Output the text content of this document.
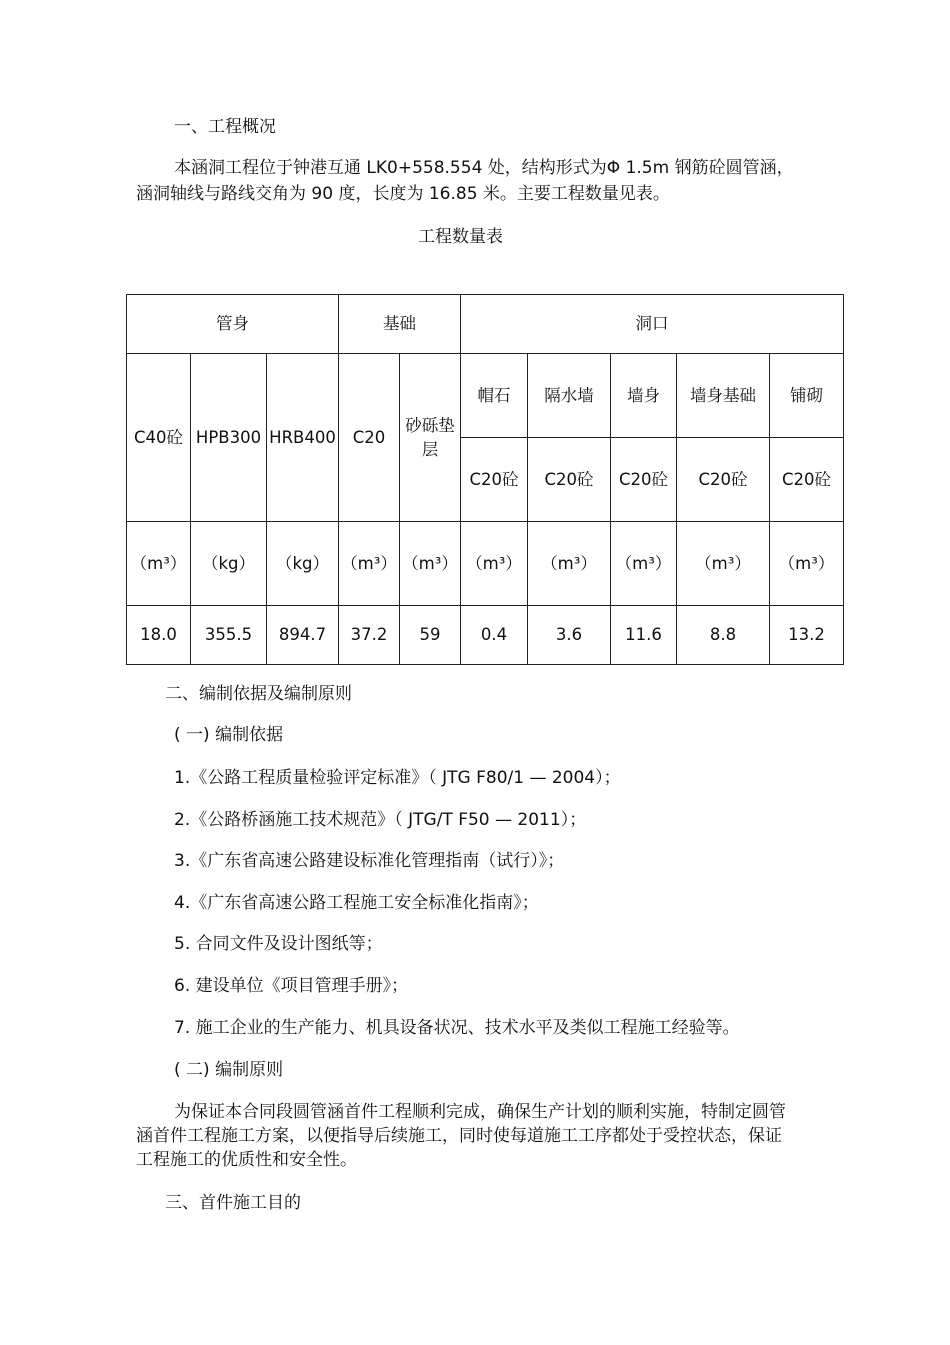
一、工程概况
本涵洞工程位于钟港互通 LK0+558.554 处，结构形式为Φ 1.5m 钢筋砼圆管涵，
涵洞轴线与路线交角为 90 度，长度为 16.85 米。主要工程数量见表。
工程数量表
管身			基础		洞口				
C40砼	HPB300	HRB400	C20	砂砾垫层	帽石	隔水墙	墙身	墙身基础	铺砌
					C20砼	C20砼	C20砼	C20砼	C20砼
（m³）	（kg）	（kg）	（m³）	（m³）	（m³）	（m³）	（m³）	（m³）	（m³）
18.0	355.5	894.7	37.2	59	0.4	3.6	11.6	8.8	13.2
二、编制依据及编制原则
( 一) 编制依据
1.《公路工程质量检验评定标准》（ JTG F80/1 — 2004）；
2.《公路桥涵施工技术规范》（ JTG/T F50 — 2011）；
3.《广东省高速公路建设标准化管理指南（试行）》；
4.《广东省高速公路工程施工安全标准化指南》；
5. 合同文件及设计图纸等；
6. 建设单位《项目管理手册》；
7. 施工企业的生产能力、机具设备状况、技术水平及类似工程施工经验等。
( 二) 编制原则
为保证本合同段圆管涵首件工程顺利完成，确保生产计划的顺利实施，特制定圆管涵首件工程施工方案，以便指导后续施工，同时使每道施工工序都处于受控状态，保证工程施工的优质性和安全性。
三、首件施工目的
